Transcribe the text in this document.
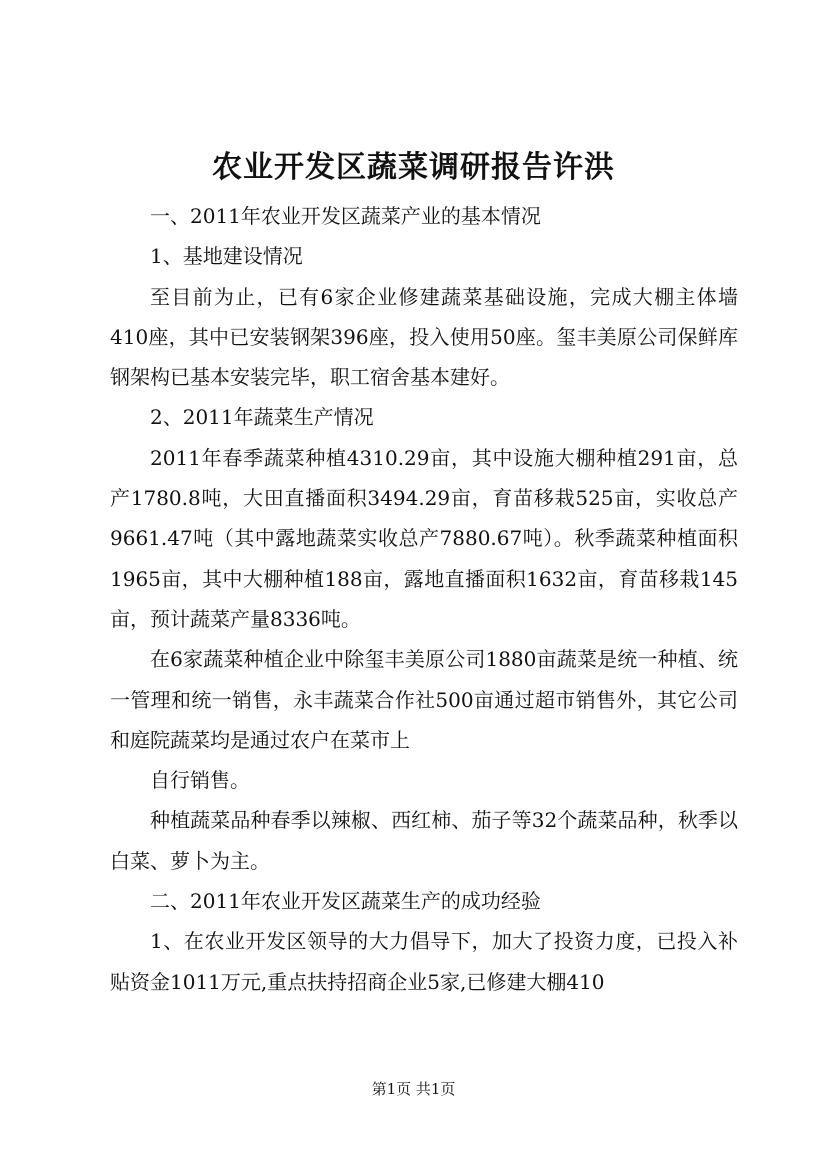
农业开发区蔬菜调研报告许洪

一、2011年农业开发区蔬菜产业的基本情况

1、基地建设情况

至目前为止，已有6家企业修建蔬菜基础设施，完成大棚主体墙410座，其中已安装钢架396座，投入使用50座。玺丰美原公司保鲜库钢架构已基本安装完毕，职工宿舍基本建好。

2、2011年蔬菜生产情况

2011年春季蔬菜种植4310.29亩，其中设施大棚种植291亩，总产1780.8吨，大田直播面积3494.29亩，育苗移栽525亩，实收总产9661.47吨（其中露地蔬菜实收总产7880.67吨）。秋季蔬菜种植面积1965亩，其中大棚种植188亩，露地直播面积1632亩，育苗移栽145亩，预计蔬菜产量8336吨。

在6家蔬菜种植企业中除玺丰美原公司1880亩蔬菜是统一种植、统一管理和统一销售，永丰蔬菜合作社500亩通过超市销售外，其它公司和庭院蔬菜均是通过农户在菜市上

自行销售。

种植蔬菜品种春季以辣椒、西红柿、茄子等32个蔬菜品种，秋季以白菜、萝卜为主。

二、2011年农业开发区蔬菜生产的成功经验

1、在农业开发区领导的大力倡导下，加大了投资力度，已投入补贴资金1011万元,重点扶持招商企业5家,已修建大棚410

第1页 共1页
